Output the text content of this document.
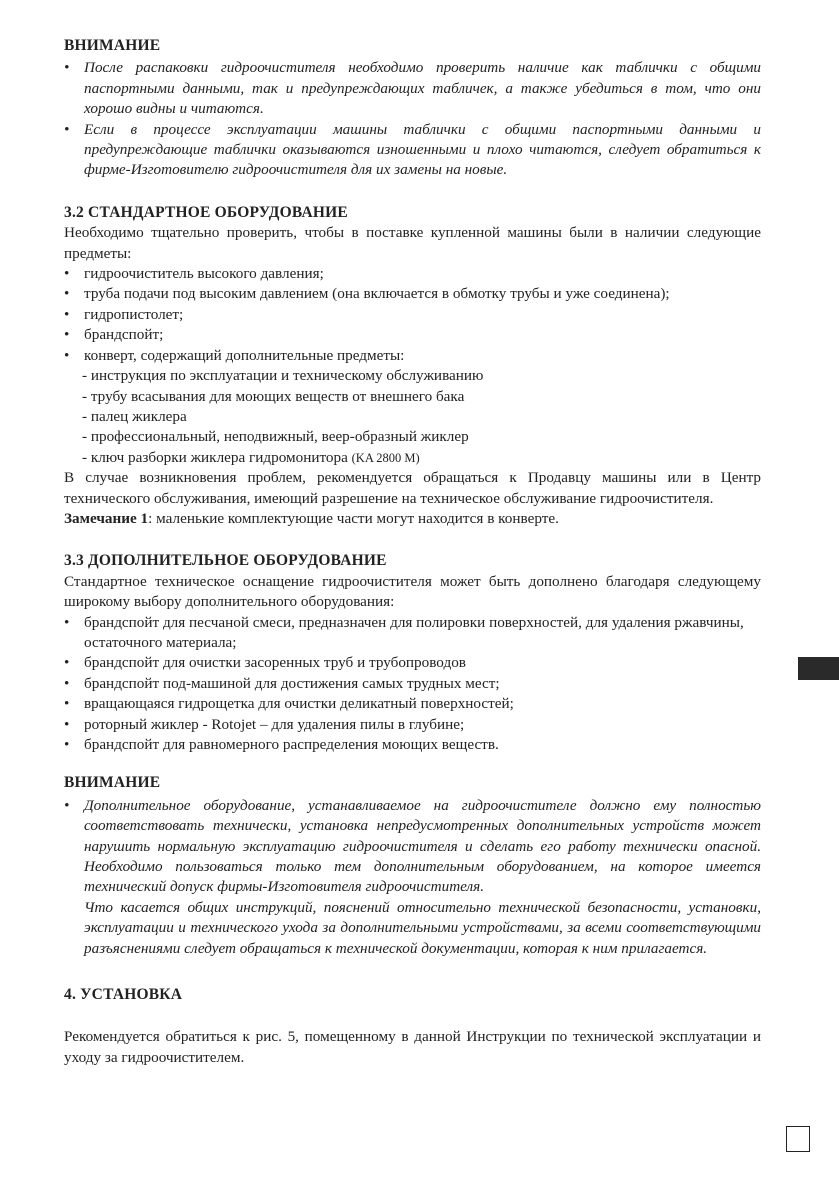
ВНИМАНИЕ
• После распаковки гидроочистителя необходимо проверить наличие как таблички с общими паспортными данными, так и предупреждающих табличек, а также убедиться в том, что они хорошо видны и читаются.
• Если в процессе эксплуатации машины таблички с общими паспортными данными и предупреждающие таблички оказываются изношенными и плохо читаются, следует обратиться к фирме-Изготовителю гидроочистителя для их замены на новые.
3.2 СТАНДАРТНОЕ ОБОРУДОВАНИЕ
Необходимо тщательно проверить, чтобы в поставке купленной машины были в наличии следующие предметы:
• гидроочиститель высокого давления;
• труба подачи под высоким давлением (она включается в обмотку трубы и уже соединена);
• гидропистолет;
• брандспойт;
• конверт, содержащий дополнительные предметы:
- инструкция по эксплуатации и техническому обслуживанию
- трубу всасывания для моющих веществ от внешнего бака
- палец жиклера
- профессиональный, неподвижный, веер-образный жиклер
- ключ разборки жиклера гидромонитора (KA 2800 M)
В случае возникновения проблем, рекомендуется обращаться к Продавцу машины или в Центр технического обслуживания, имеющий разрешение на техническое обслуживание гидроочистителя.
Замечание 1: маленькие комплектующие части могут находится в конверте.
3.3 ДОПОЛНИТЕЛЬНОЕ ОБОРУДОВАНИЕ
Стандартное техническое оснащение гидроочистителя может быть дополнено благодаря следующему широкому выбору дополнительного оборудования:
• брандспойт для песчаной смеси, предназначен для полировки поверхностей, для удаления ржавчины, остаточного материала;
• брандспойт для очистки засоренных труб и трубопроводов
• брандспойт под-машиной для достижения самых трудных мест;
• вращающаяся гидрощетка для очистки деликатный поверхностей;
• роторный жиклер - Rotojet – для удаления пилы в глубине;
• брандспойт для равномерного распределения моющих веществ.
ВНИМАНИЕ
• Дополнительное оборудование, устанавливаемое на гидроочистителе должно ему полностью соответствовать технически, установка непредусмотренных дополнительных устройств может нарушить нормальную эксплуатацию гидроочистителя и сделать его работу технически опасной. Необходимо пользоваться только тем дополнительным оборудованием, на которое имеется технический допуск фирмы-Изготовителя гидроочистителя.
Что касается общих инструкций, пояснений относительно технической безопасности, установки, эксплуатации и технического ухода за дополнительными устройствами, за всеми соответствующими разъяснениями следует обращаться к технической документации, которая к ним прилагается.
4. УСТАНОВКА
Рекомендуется обратиться к рис. 5, помещенному в данной Инструкции по технической эксплуатации и уходу за гидроочистителем.
